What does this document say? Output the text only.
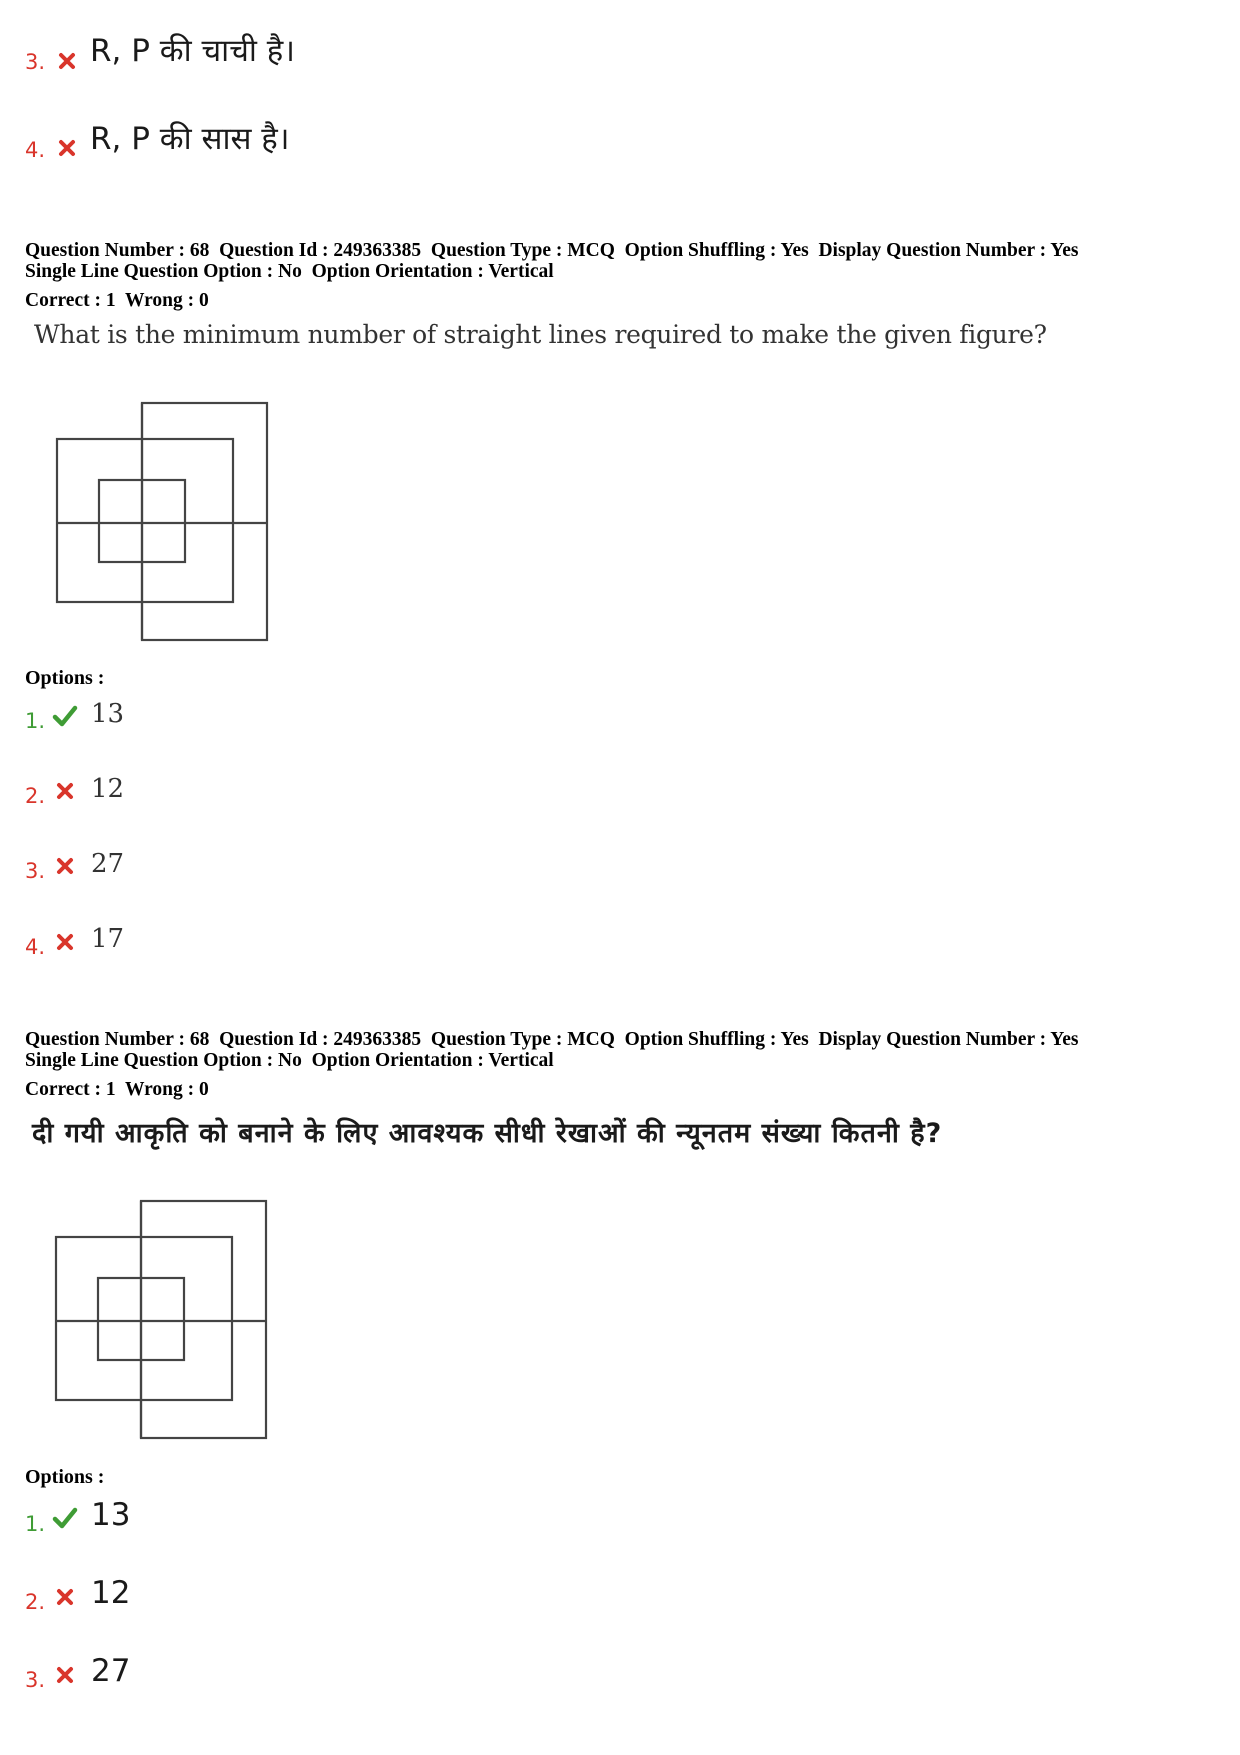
3. R, P की चाची है।
4. R, P की सास है।
Question Number : 68  Question Id : 249363385  Question Type : MCQ  Option Shuffling : Yes  Display Question Number : Yes
Single Line Question Option : No  Option Orientation : Vertical
Correct : 1  Wrong : 0
What is the minimum number of straight lines required to make the given figure?
Options :
1. 13
2. 12
3. 27
4. 17
Question Number : 68  Question Id : 249363385  Question Type : MCQ  Option Shuffling : Yes  Display Question Number : Yes
Single Line Question Option : No  Option Orientation : Vertical
Correct : 1  Wrong : 0
दी गयी आकृति को बनाने के लिए आवश्यक सीधी रेखाओं की न्यूनतम संख्या कितनी है?
Options :
1. 13
2. 12
3. 27
